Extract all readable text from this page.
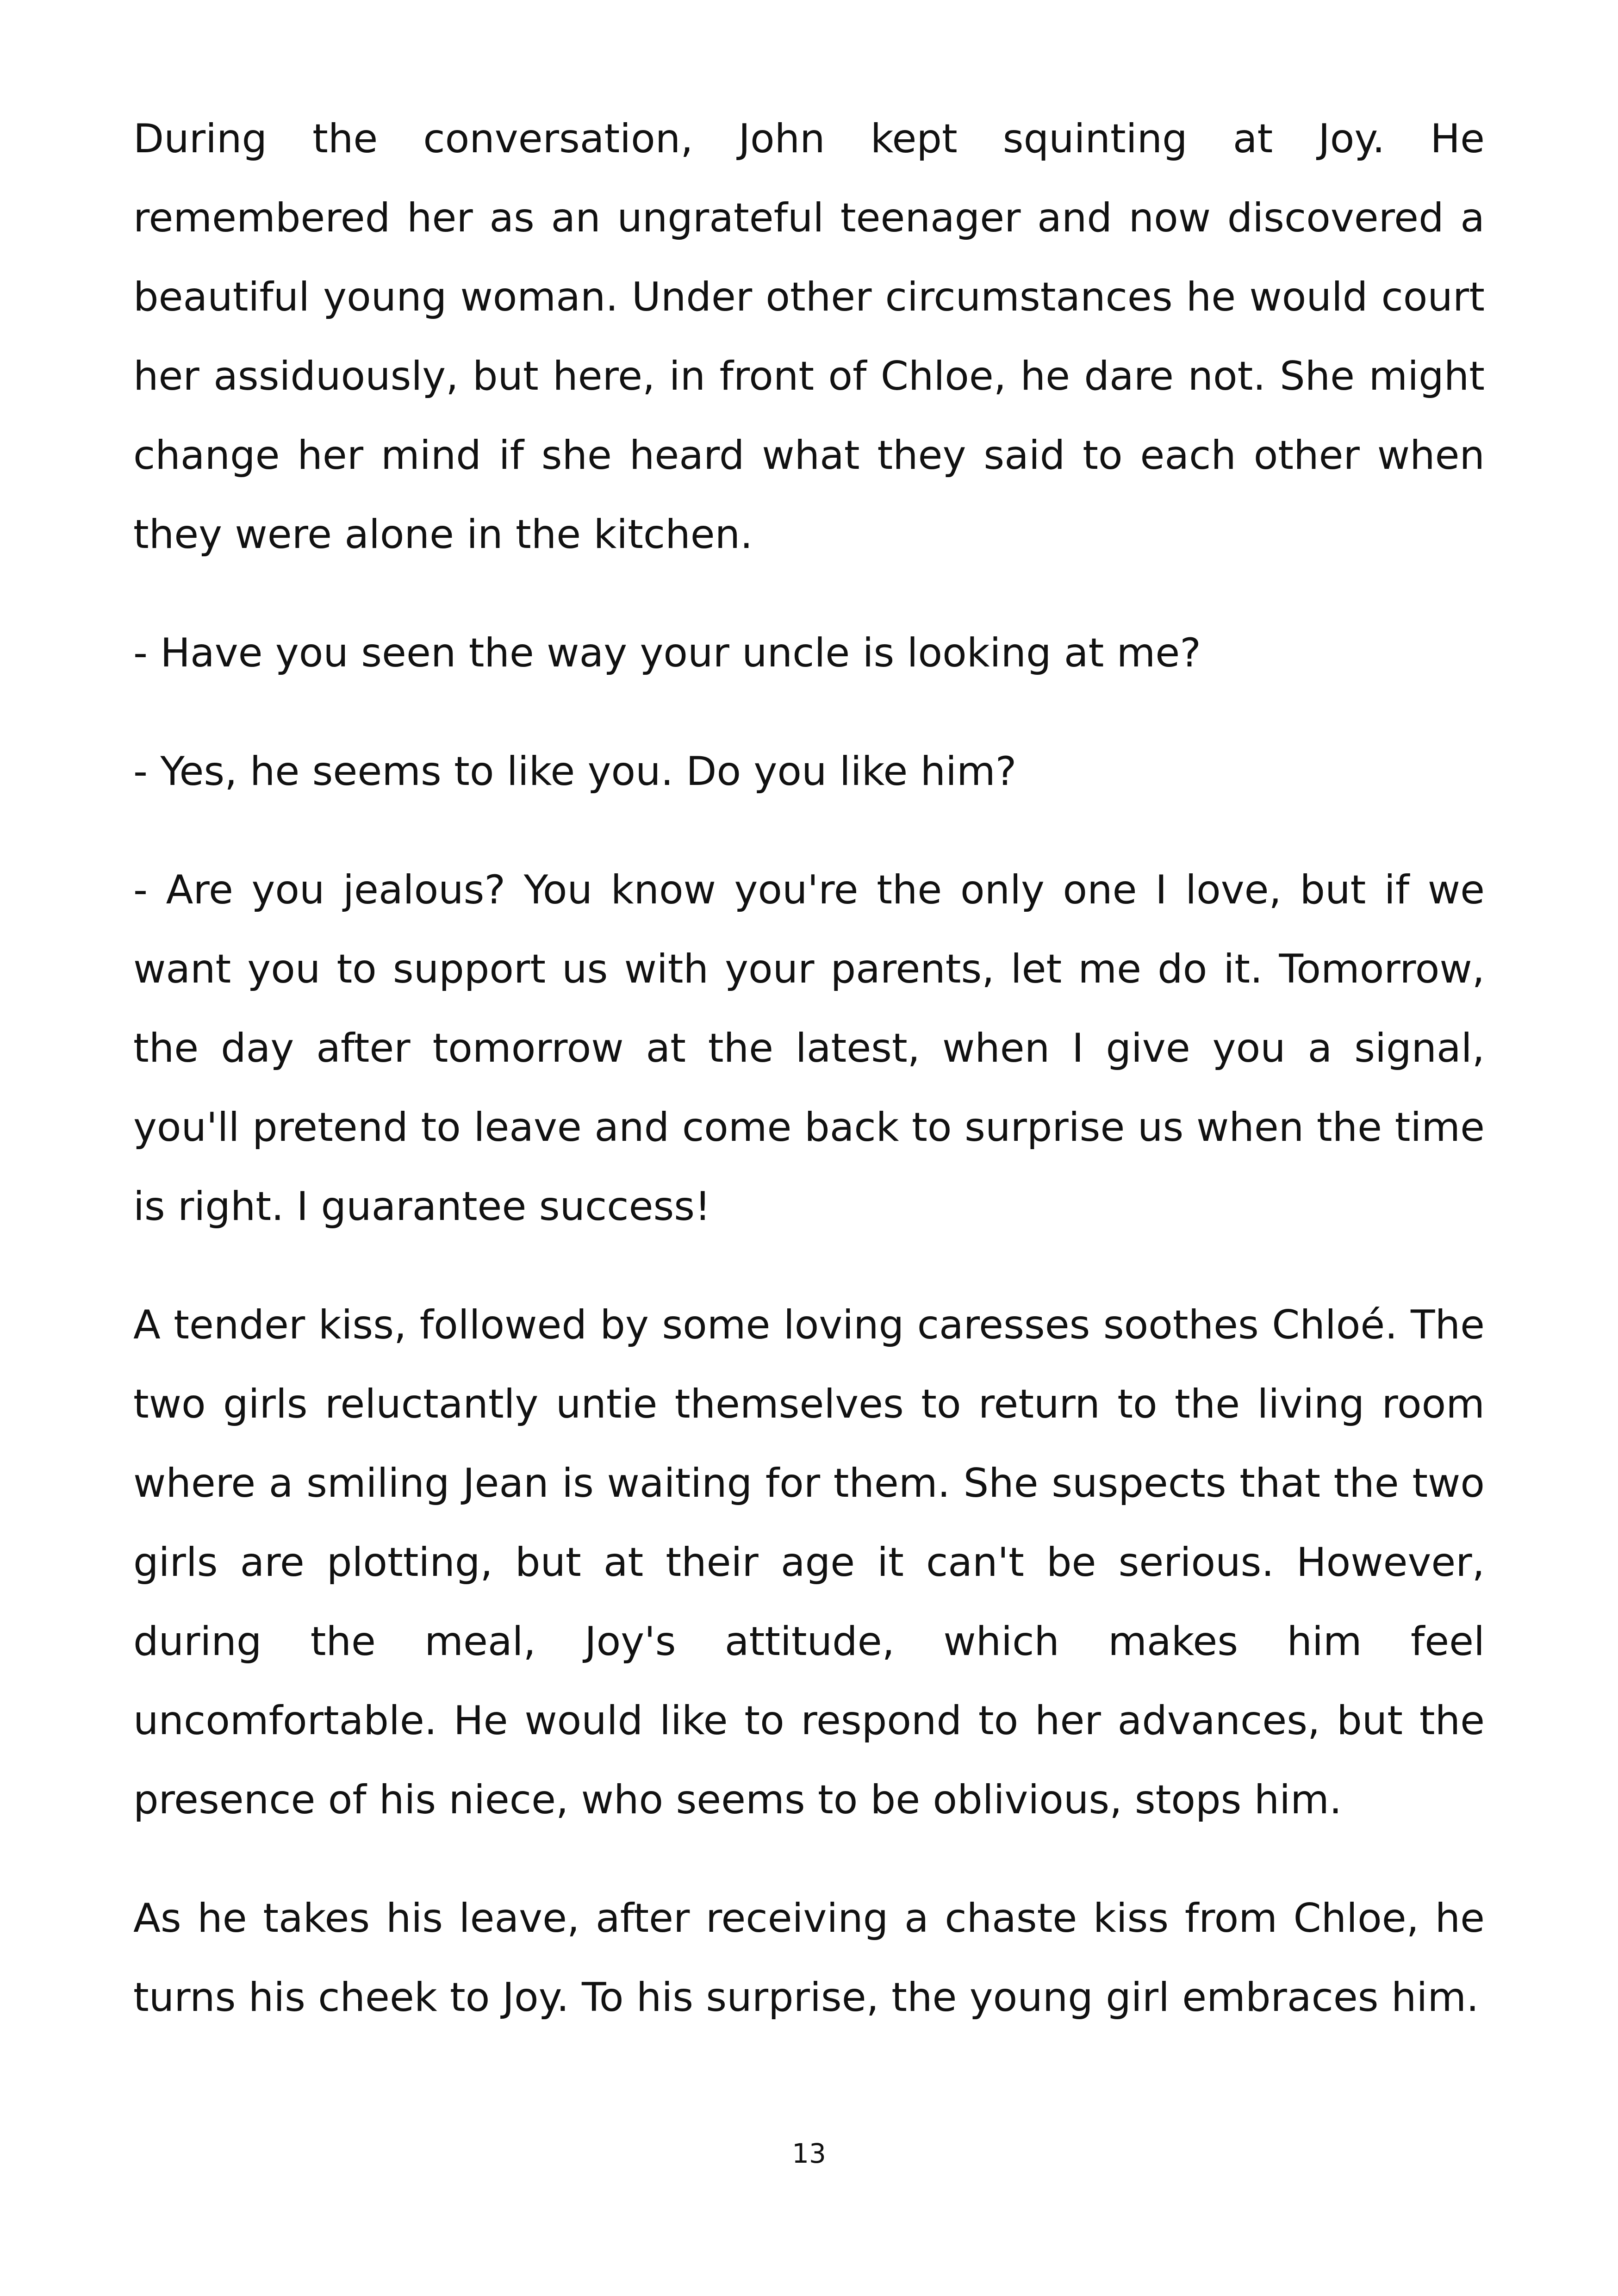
During the conversation, John kept squinting at Joy. He remembered her as an ungrateful teenager and now discovered a beautiful young woman. Under other circumstances he would court her assiduously, but here, in front of Chloe, he dare not. She might change her mind if she heard what they said to each other when they were alone in the kitchen.

- Have you seen the way your uncle is looking at me?

- Yes, he seems to like you. Do you like him?

- Are you jealous? You know you're the only one I love, but if we want you to support us with your parents, let me do it. Tomorrow, the day after tomorrow at the latest, when I give you a signal, you'll pretend to leave and come back to surprise us when the time is right. I guarantee success!

A tender kiss, followed by some loving caresses soothes Chloé. The two girls reluctantly untie themselves to return to the living room where a smiling Jean is waiting for them. She suspects that the two girls are plotting, but at their age it can't be serious. However, during the meal, Joy's attitude, which makes him feel uncomfortable. He would like to respond to her advances, but the presence of his niece, who seems to be oblivious, stops him.

As he takes his leave, after receiving a chaste kiss from Chloe, he turns his cheek to Joy. To his surprise, the young girl embraces him.

13
